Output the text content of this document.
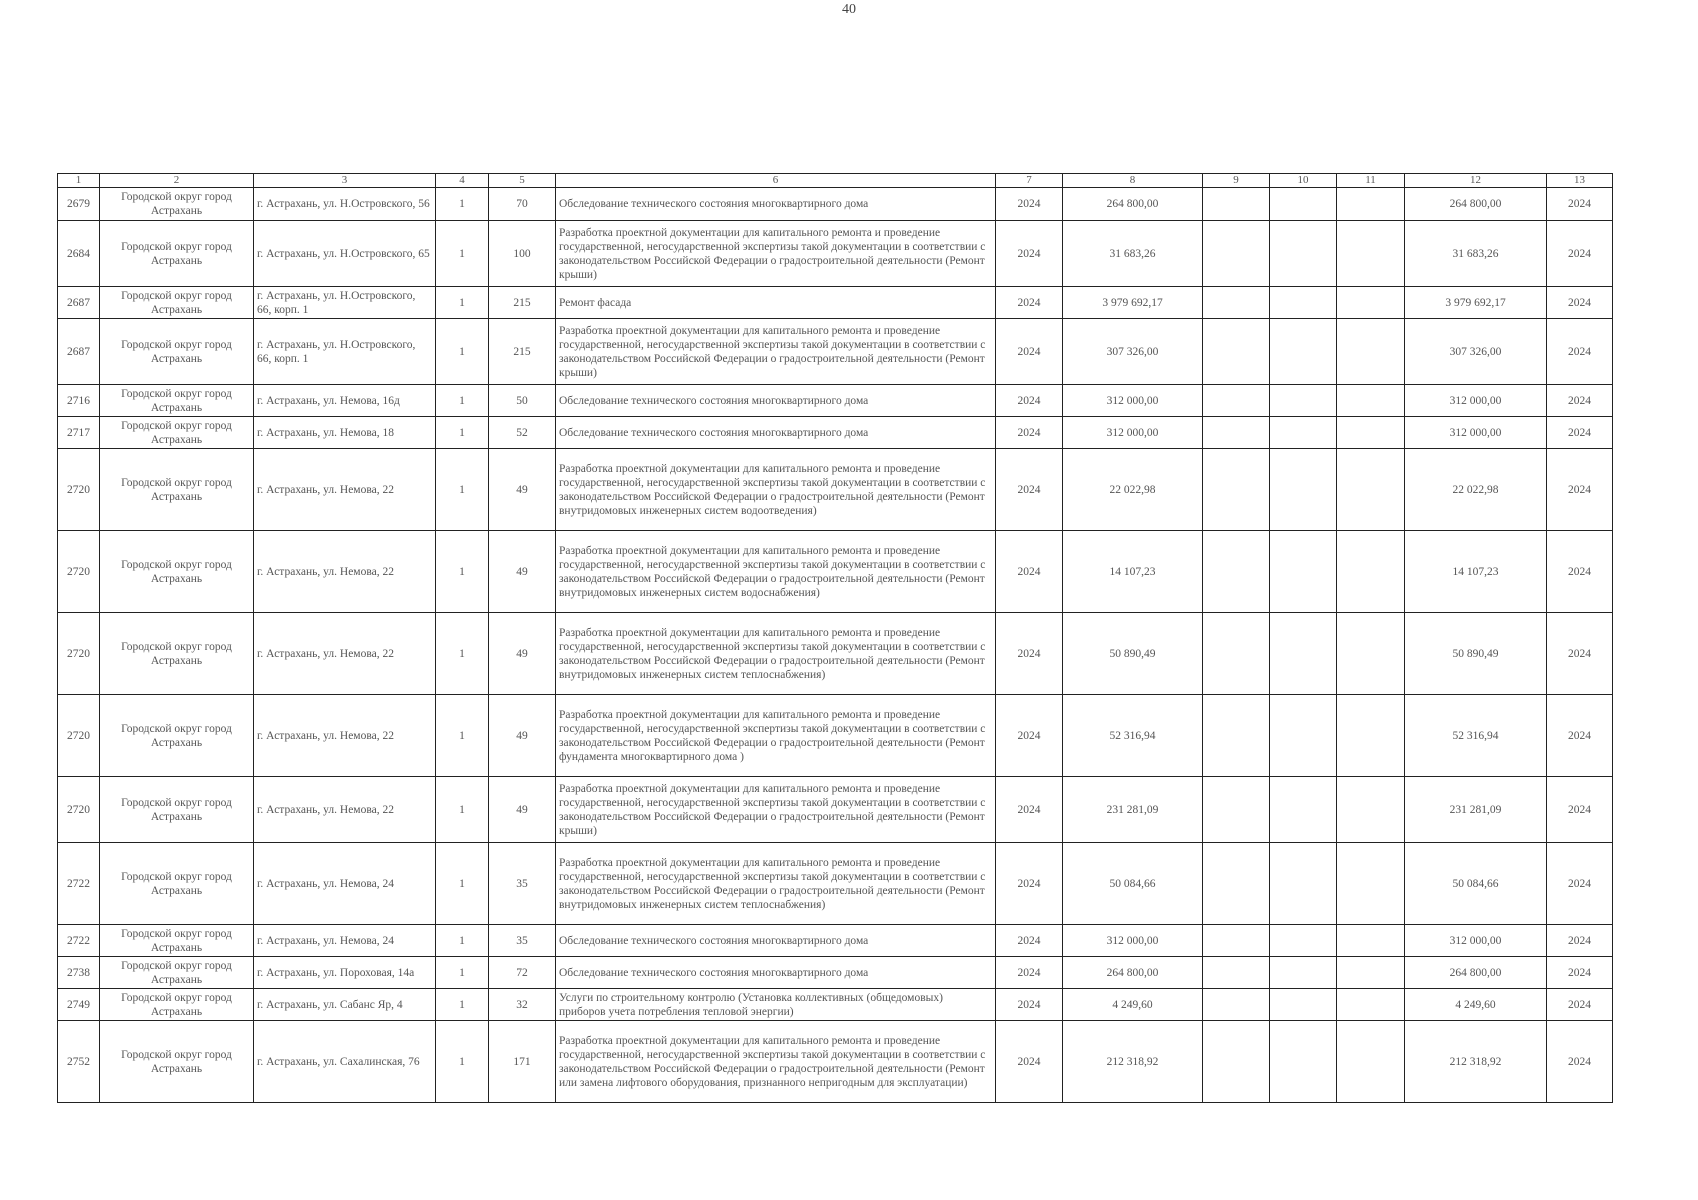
40
1	2	3	4	5	6	7	8	9	10	11	12	13
2679	Городской округ город Астрахань	г. Астрахань, ул. Н.Островского, 56	1	70	Обследование технического состояния многоквартирного дома	2024	264 800,00				264 800,00	2024
2684	Городской округ город Астрахань	г. Астрахань, ул. Н.Островского, 65	1	100	Разработка проектной документации для капитального ремонта и проведение государственной, негосударственной экспертизы такой документации в соответствии с законодательством Российской Федерации о градостроительной деятельности (Ремонт крыши)	2024	31 683,26				31 683,26	2024
2687	Городской округ город Астрахань	г. Астрахань, ул. Н.Островского, 66, корп. 1	1	215	Ремонт фасада	2024	3 979 692,17				3 979 692,17	2024
2687	Городской округ город Астрахань	г. Астрахань, ул. Н.Островского, 66, корп. 1	1	215	Разработка проектной документации для капитального ремонта и проведение государственной, негосударственной экспертизы такой документации в соответствии с законодательством Российской Федерации о градостроительной деятельности (Ремонт крыши)	2024	307 326,00				307 326,00	2024
2716	Городской округ город Астрахань	г. Астрахань, ул. Немова, 16д	1	50	Обследование технического состояния многоквартирного дома	2024	312 000,00				312 000,00	2024
2717	Городской округ город Астрахань	г. Астрахань, ул. Немова, 18	1	52	Обследование технического состояния многоквартирного дома	2024	312 000,00				312 000,00	2024
2720	Городской округ город Астрахань	г. Астрахань, ул. Немова, 22	1	49	Разработка проектной документации для капитального ремонта и проведение государственной, негосударственной экспертизы такой документации в соответствии с законодательством Российской Федерации о градостроительной деятельности (Ремонт внутридомовых инженерных систем водоотведения)	2024	22 022,98				22 022,98	2024
2720	Городской округ город Астрахань	г. Астрахань, ул. Немова, 22	1	49	Разработка проектной документации для капитального ремонта и проведение государственной, негосударственной экспертизы такой документации в соответствии с законодательством Российской Федерации о градостроительной деятельности (Ремонт внутридомовых инженерных систем водоснабжения)	2024	14 107,23				14 107,23	2024
2720	Городской округ город Астрахань	г. Астрахань, ул. Немова, 22	1	49	Разработка проектной документации для капитального ремонта и проведение государственной, негосударственной экспертизы такой документации в соответствии с законодательством Российской Федерации о градостроительной деятельности (Ремонт внутридомовых инженерных систем теплоснабжения)	2024	50 890,49				50 890,49	2024
2720	Городской округ город Астрахань	г. Астрахань, ул. Немова, 22	1	49	Разработка проектной документации для капитального ремонта и проведение государственной, негосударственной экспертизы такой документации в соответствии с законодательством Российской Федерации о градостроительной деятельности (Ремонт фундамента многоквартирного дома )	2024	52 316,94				52 316,94	2024
2720	Городской округ город Астрахань	г. Астрахань, ул. Немова, 22	1	49	Разработка проектной документации для капитального ремонта и проведение государственной, негосударственной экспертизы такой документации в соответствии с законодательством Российской Федерации о градостроительной деятельности (Ремонт крыши)	2024	231 281,09				231 281,09	2024
2722	Городской округ город Астрахань	г. Астрахань, ул. Немова, 24	1	35	Разработка проектной документации для капитального ремонта и проведение государственной, негосударственной экспертизы такой документации в соответствии с законодательством Российской Федерации о градостроительной деятельности (Ремонт внутридомовых инженерных систем теплоснабжения)	2024	50 084,66				50 084,66	2024
2722	Городской округ город Астрахань	г. Астрахань, ул. Немова, 24	1	35	Обследование технического состояния многоквартирного дома	2024	312 000,00				312 000,00	2024
2738	Городской округ город Астрахань	г. Астрахань, ул. Пороховая, 14а	1	72	Обследование технического состояния многоквартирного дома	2024	264 800,00				264 800,00	2024
2749	Городской округ город Астрахань	г. Астрахань, ул. Сабанс Яр, 4	1	32	Услуги по строительному контролю (Установка коллективных (общедомовых) приборов учета потребления тепловой энергии)	2024	4 249,60				4 249,60	2024
2752	Городской округ город Астрахань	г. Астрахань, ул. Сахалинская, 76	1	171	Разработка проектной документации для капитального ремонта и проведение государственной, негосударственной экспертизы такой документации в соответствии с законодательством Российской Федерации о градостроительной деятельности (Ремонт или замена лифтового оборудования, признанного непригодным для эксплуатации)	2024	212 318,92				212 318,92	2024
